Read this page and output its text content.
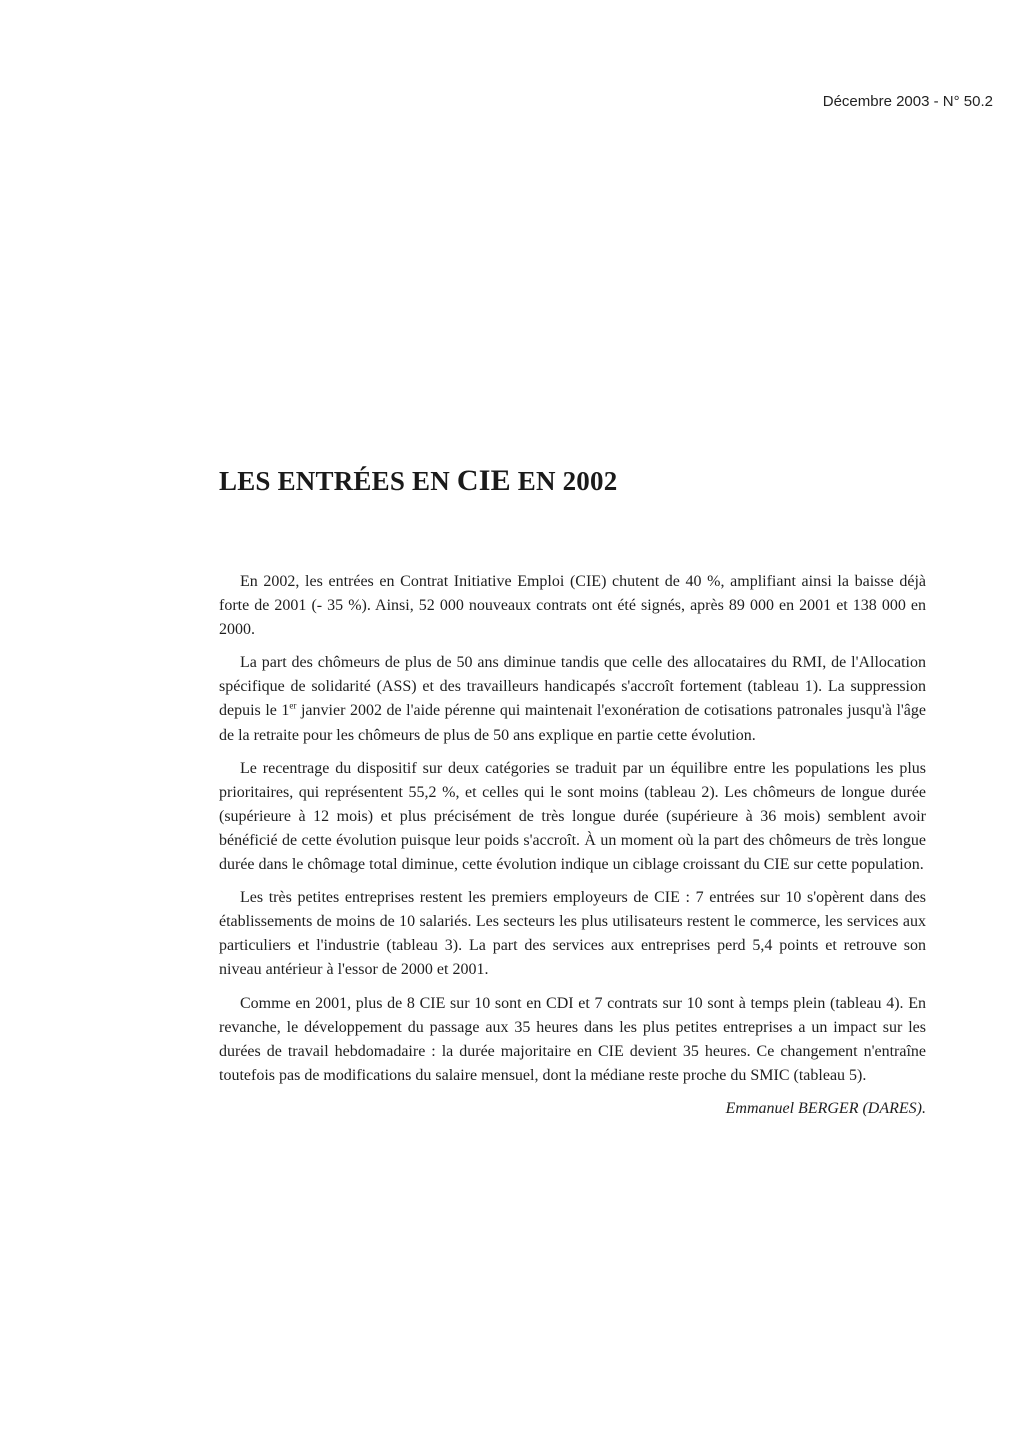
Décembre 2003 - N° 50.2
LES ENTRÉES EN CIE EN 2002

En 2002, les entrées en Contrat Initiative Emploi (CIE) chutent de 40 %, amplifiant ainsi la baisse déjà forte de 2001 (- 35 %). Ainsi, 52 000 nouveaux contrats ont été signés, après 89 000 en 2001 et 138 000 en 2000.

La part des chômeurs de plus de 50 ans diminue tandis que celle des allocataires du RMI, de l'Allocation spécifique de solidarité (ASS) et des travailleurs handicapés s'accroît fortement (tableau 1). La suppression depuis le 1er janvier 2002 de l'aide pérenne qui maintenait l'exonération de cotisations patronales jusqu'à l'âge de la retraite pour les chômeurs de plus de 50 ans explique en partie cette évolution.

Le recentrage du dispositif sur deux catégories se traduit par un équilibre entre les populations les plus prioritaires, qui représentent 55,2 %, et celles qui le sont moins (tableau 2). Les chômeurs de longue durée (supérieure à 12 mois) et plus précisément de très longue durée (supérieure à 36 mois) semblent avoir bénéficié de cette évolution puisque leur poids s'accroît. À un moment où la part des chômeurs de très longue durée dans le chômage total diminue, cette évolution indique un ciblage croissant du CIE sur cette population.

Les très petites entreprises restent les premiers employeurs de CIE : 7 entrées sur 10 s'opèrent dans des établissements de moins de 10 salariés. Les secteurs les plus utilisateurs restent le commerce, les services aux particuliers et l'industrie (tableau 3). La part des services aux entreprises perd 5,4 points et retrouve son niveau antérieur à l'essor de 2000 et 2001.

Comme en 2001, plus de 8 CIE sur 10 sont en CDI et 7 contrats sur 10 sont à temps plein (tableau 4). En revanche, le développement du passage aux 35 heures dans les plus petites entreprises a un impact sur les durées de travail hebdomadaire : la durée majoritaire en CIE devient 35 heures. Ce changement n'entraîne toutefois pas de modifications du salaire mensuel, dont la médiane reste proche du SMIC (tableau 5).

Emmanuel BERGER (DARES).
